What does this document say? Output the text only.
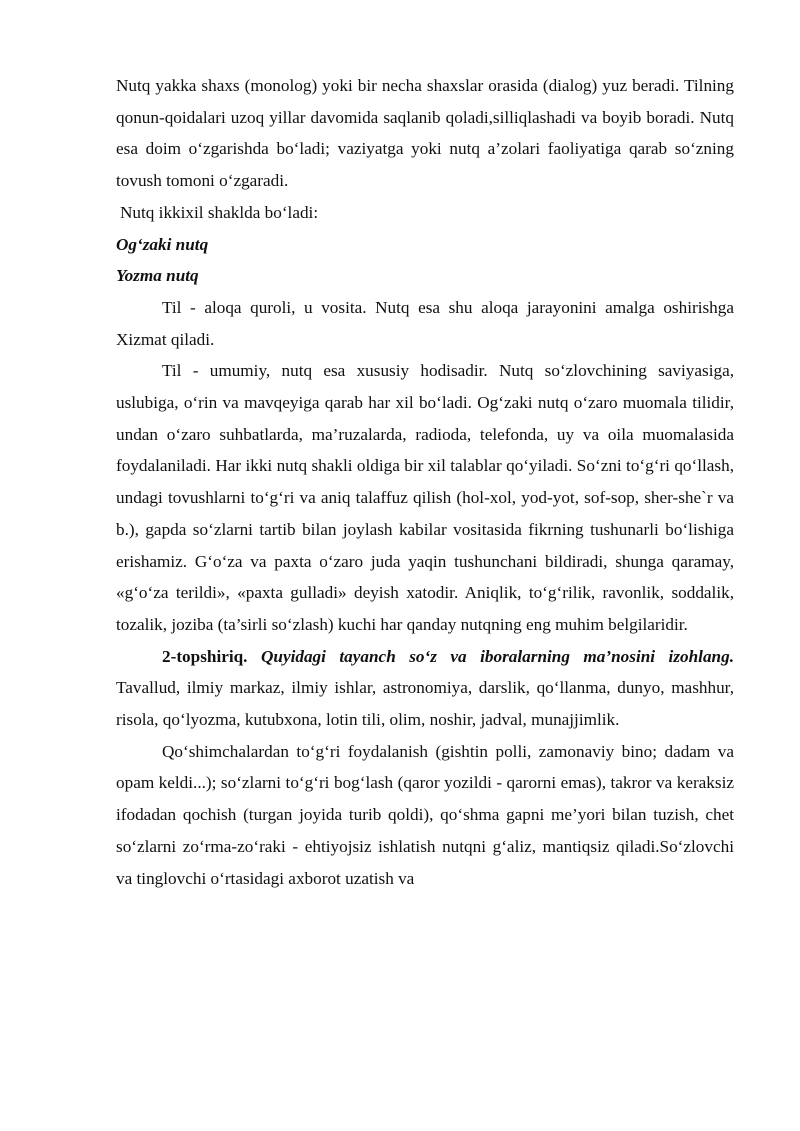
Nutq yakka shaxs (monolog) yoki bir necha shaxslar orasida (dialog) yuz beradi. Tilning qonun-qoidalari uzoq yillar davomida saqlanib qoladi,silliqlashadi va boyib boradi. Nutq esa doim o‘zgarishda bo‘ladi; vaziyatga yoki nutq a’zolari faoliyatiga qarab so‘zning tovush tomoni o‘zgaradi.

Nutq ikkixil shaklda bo‘ladi:

Og‘zaki nutq

Yozma nutq

Til - aloqa quroli, u vosita. Nutq esa shu aloqa jarayonini amalga oshirishga Xizmat qiladi.

Til - umumiy, nutq esa xususiy hodisadir. Nutq so‘zlovchining saviyasiga, uslubiga, o‘rin va mavqeyiga qarab har xil bo‘ladi. Og‘zaki nutq o‘zaro muomala tilidir, undan o‘zaro suhbatlarda, ma’ruzalarda, radioda, telefonda, uy va oila muomalasida foydalaniladi. Har ikki nutq shakli oldiga bir xil talablar qo‘yiladi. So‘zni to‘g‘ri qo‘llash, undagi tovushlarni to‘g‘ri va aniq talaffuz qilish (hol-xol, yod-yot, sof-sop, sher-she`r va b.), gapda so‘zlarni tartib bilan joylash kabilar vositasida fikrning tushunarli bo‘lishiga erishamiz. G‘o‘za va paxta o‘zaro juda yaqin tushunchani bildiradi, shunga qaramay, «g‘o‘za terildi», «paxta gulladi» deyish xatodir. Aniqlik, to‘g‘rilik, ravonlik, soddalik, tozalik, joziba (ta’sirli so‘zlash) kuchi har qanday nutqning eng muhim belgilaridir.

2-topshiriq. Quyidagi tayanch so‘z va iboralarning ma’nosini izohlang. Tavallud, ilmiy markaz, ilmiy ishlar, astronomiya, darslik, qo‘llanma, dunyo, mashhur, risola, qo‘lyozma, kutubxona, lotin tili, olim, noshir, jadval, munajjimlik.

Qo‘shimchalardan to‘g‘ri foydalanish (gishtin polli, zamonaviy bino; dadam va opam keldi...); so‘zlarni to‘g‘ri bog‘lash (qaror yozildi - qarorni emas), takror va keraksiz ifodadan qochish (turgan joyida turib qoldi), qo‘shma gapni me’yori bilan tuzish, chet so‘zlarni zo‘rma-zo‘raki - ehtiyojsiz ishlatish nutqni g‘aliz, mantiqsiz qiladi.So‘zlovchi va tinglovchi o‘rtasidagi axborot uzatish va
